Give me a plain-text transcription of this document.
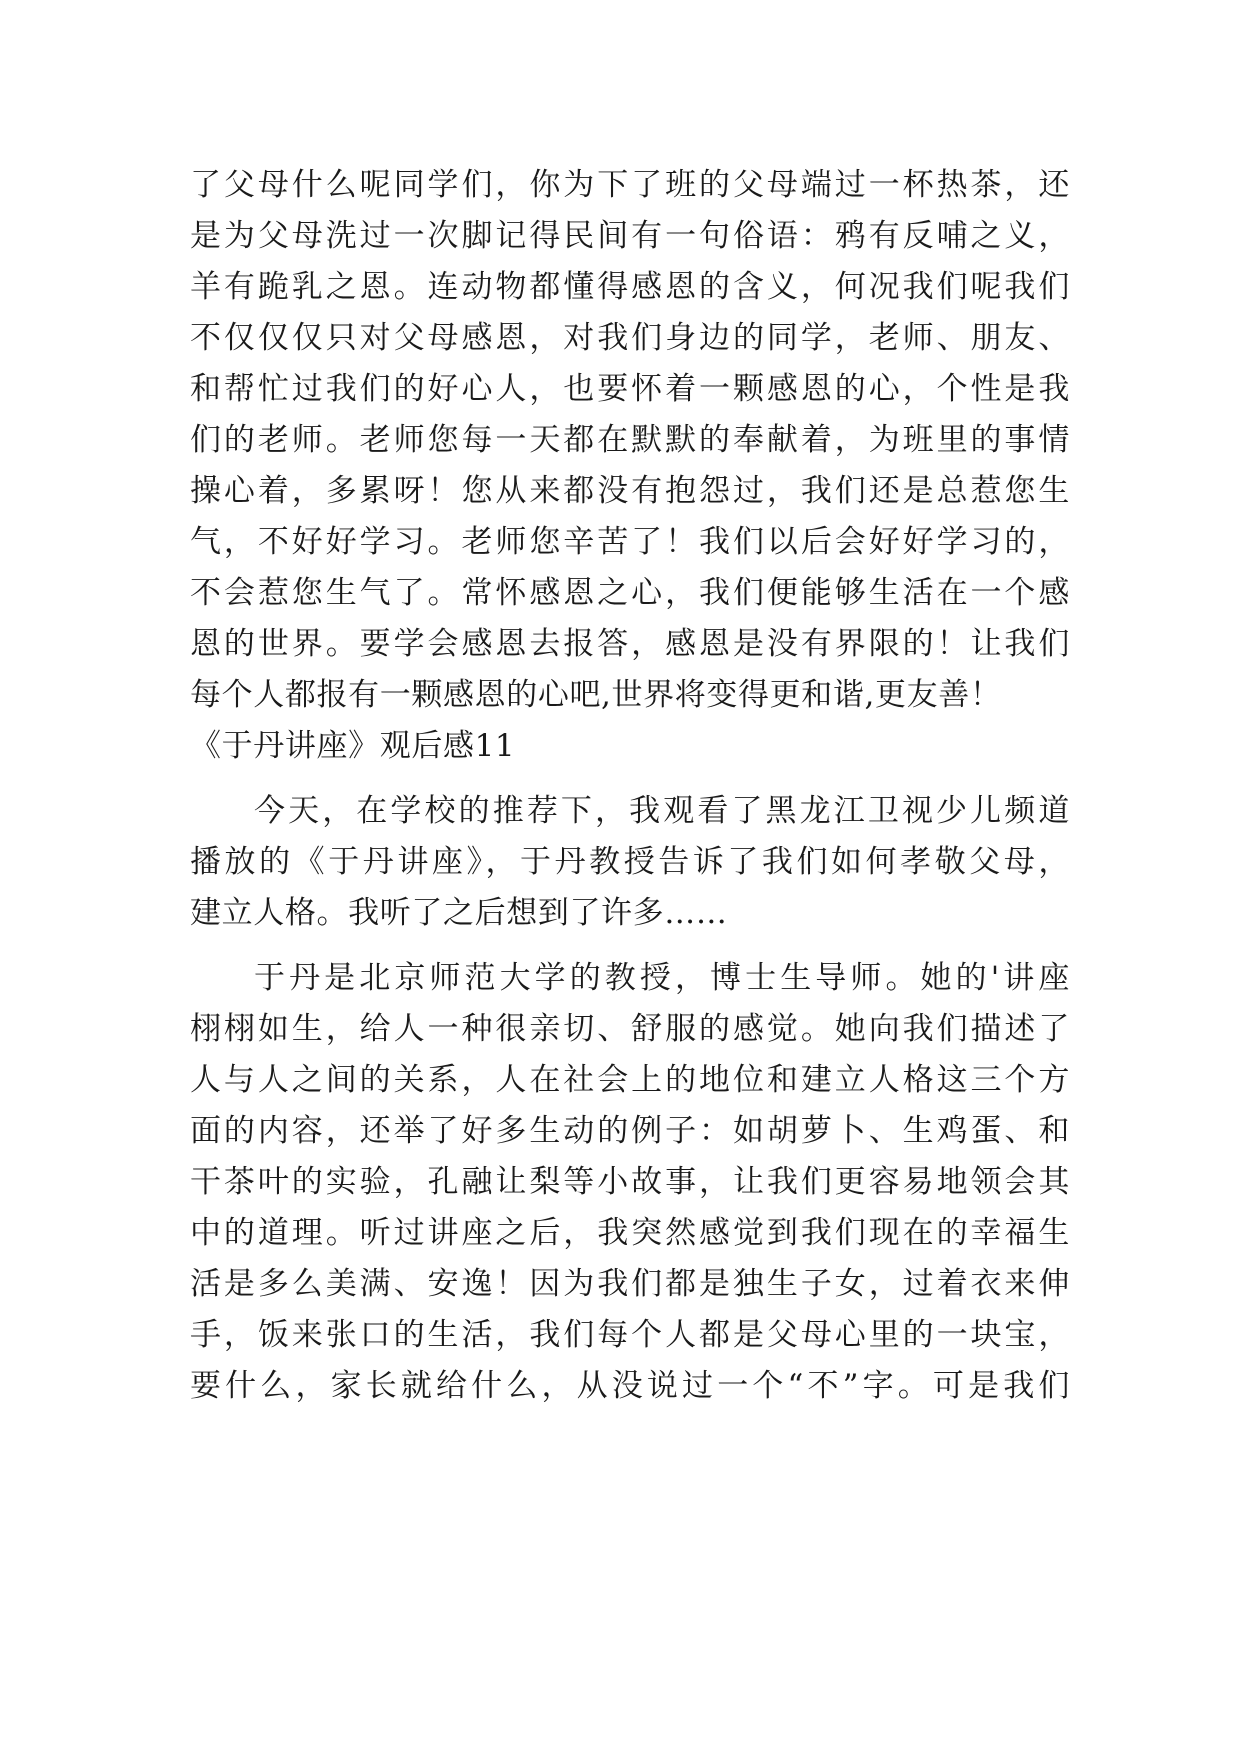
了父母什么呢同学们，你为下了班的父母端过一杯热茶，还
是为父母洗过一次脚记得民间有一句俗语：鸦有反哺之义，
羊有跪乳之恩。连动物都懂得感恩的含义，何况我们呢我们
不仅仅仅只对父母感恩，对我们身边的同学，老师、朋友、
和帮忙过我们的好心人，也要怀着一颗感恩的心，个性是我
们的老师。老师您每一天都在默默的奉献着，为班里的事情
操心着，多累呀！您从来都没有抱怨过，我们还是总惹您生
气，不好好学习。老师您辛苦了！我们以后会好好学习的，
不会惹您生气了。常怀感恩之心，我们便能够生活在一个感
恩的世界。要学会感恩去报答，感恩是没有界限的！让我们
每个人都报有一颗感恩的心吧,世界将变得更和谐,更友善！
《于丹讲座》观后感11
今天，在学校的推荐下，我观看了黑龙江卫视少儿频道
播放的《于丹讲座》，于丹教授告诉了我们如何孝敬父母，
建立人格。我听了之后想到了许多……
于丹是北京师范大学的教授，博士生导师。她的'讲座
栩栩如生，给人一种很亲切、舒服的感觉。她向我们描述了
人与人之间的关系，人在社会上的地位和建立人格这三个方
面的内容，还举了好多生动的例子：如胡萝卜、生鸡蛋、和
干茶叶的实验，孔融让梨等小故事，让我们更容易地领会其
中的道理。听过讲座之后，我突然感觉到我们现在的幸福生
活是多么美满、安逸！因为我们都是独生子女，过着衣来伸
手，饭来张口的生活，我们每个人都是父母心里的一块宝，
要什么，家长就给什么，从没说过一个“不”字。可是我们
